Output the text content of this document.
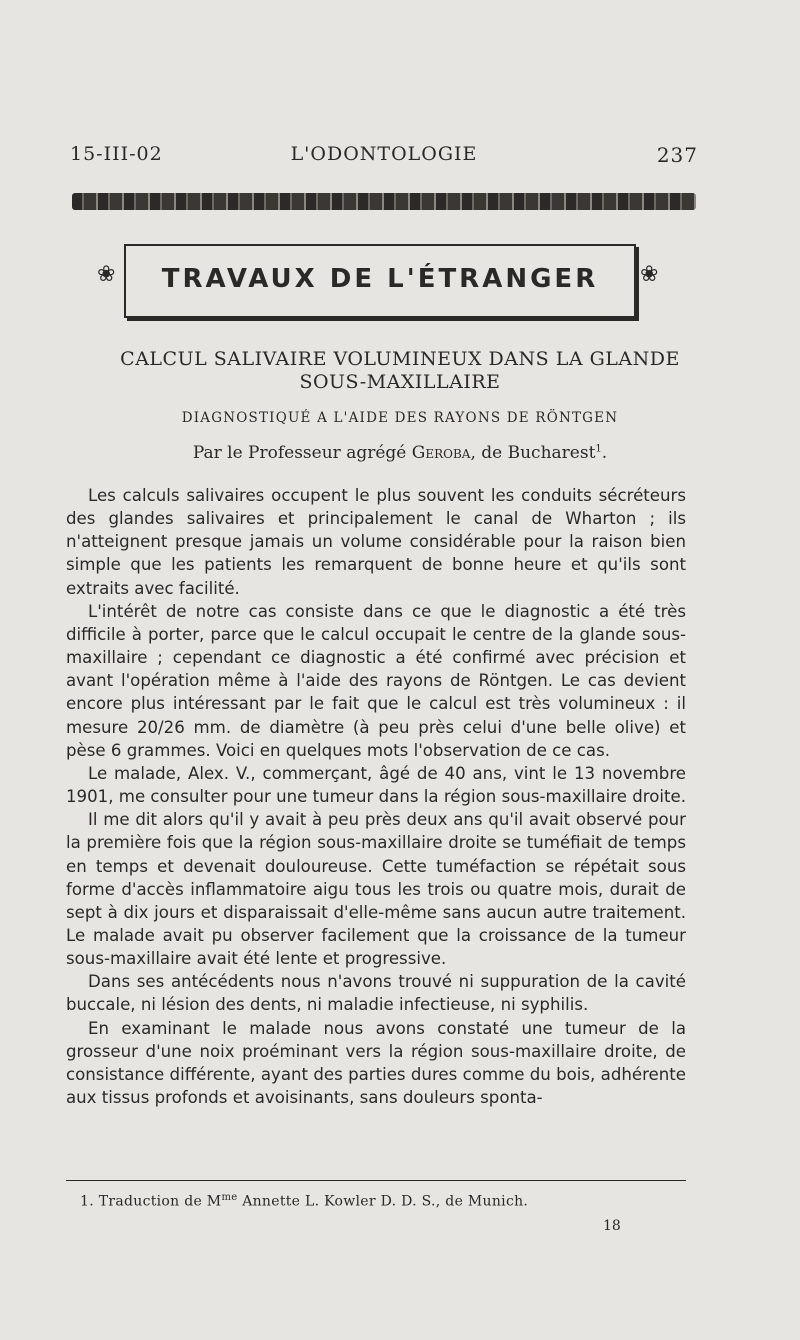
15-III-02	L'ODONTOLOGIE	237
❀	TRAVAUX DE L'ÉTRANGER	❀
CALCUL SALIVAIRE VOLUMINEUX DANS LA GLANDE
SOUS-MAXILLAIRE
DIAGNOSTIQUÉ A L'AIDE DES RAYONS DE RÖNTGEN
Par le Professeur agrégé Geroba, de Bucharest$^1$.

Les calculs salivaires occupent le plus souvent les conduits sécréteurs des glandes salivaires et principalement le canal de Wharton ; ils n'atteignent presque jamais un volume considérable pour la raison bien simple que les patients les remarquent de bonne heure et qu'ils sont extraits avec facilité.

L'intérêt de notre cas consiste dans ce que le diagnostic a été très difficile à porter, parce que le calcul occupait le centre de la glande sous-maxillaire ; cependant ce diagnostic a été confirmé avec précision et avant l'opération même à l'aide des rayons de Röntgen. Le cas devient encore plus intéressant par le fait que le calcul est très volumineux : il mesure 20/26 mm. de diamètre (à peu près celui d'une belle olive) et pèse 6 grammes. Voici en quelques mots l'observation de ce cas.

Le malade, Alex. V., commerçant, âgé de 40 ans, vint le 13 novembre 1901, me consulter pour une tumeur dans la région sous-maxillaire droite.

Il me dit alors qu'il y avait à peu près deux ans qu'il avait observé pour la première fois que la région sous-maxillaire droite se tuméfiait de temps en temps et devenait douloureuse. Cette tuméfaction se répétait sous forme d'accès inflammatoire aigu tous les trois ou quatre mois, durait de sept à dix jours et disparaissait d'elle-même sans aucun autre traitement. Le malade avait pu observer facilement que la croissance de la tumeur sous-maxillaire avait été lente et progressive.

Dans ses antécédents nous n'avons trouvé ni suppuration de la cavité buccale, ni lésion des dents, ni maladie infectieuse, ni syphilis.

En examinant le malade nous avons constaté une tumeur de la grosseur d'une noix proéminant vers la région sous-maxillaire droite, de consistance différente, ayant des parties dures comme du bois, adhérente aux tissus profonds et avoisinants, sans douleurs sponta-

1. Traduction de $M^{me}$ Annette L. Kowler D. D. S., de Munich.
18
